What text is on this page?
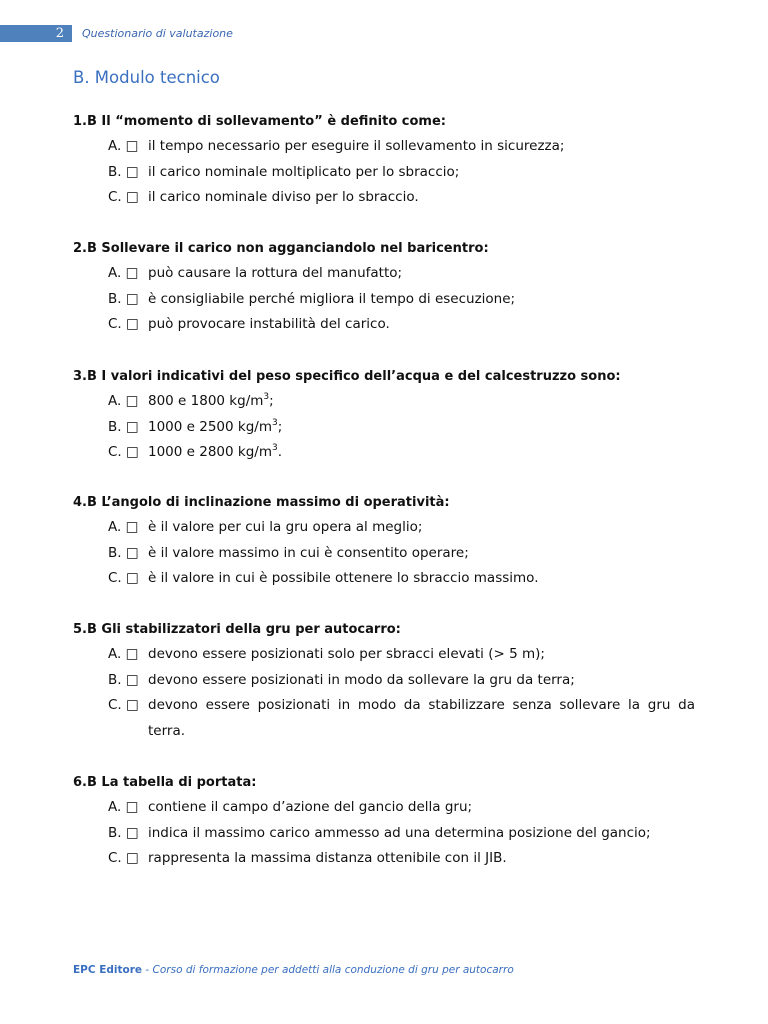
2 Questionario di valutazione
B. Modulo tecnico
1.B Il “momento di sollevamento” è definito come:
A. □ il tempo necessario per eseguire il sollevamento in sicurezza;
B. □ il carico nominale moltiplicato per lo sbraccio;
C. □ il carico nominale diviso per lo sbraccio.
2.B Sollevare il carico non agganciandolo nel baricentro:
A. □ può causare la rottura del manufatto;
B. □ è consigliabile perché migliora il tempo di esecuzione;
C. □ può provocare instabilità del carico.
3.B I valori indicativi del peso specifico dell’acqua e del calcestruzzo sono:
A. □ 800 e 1800 $kg/m^3$;
B. □ 1000 e 2500 $kg/m^3$;
C. □ 1000 e 2800 $kg/m^3$.
4.B L’angolo di inclinazione massimo di operatività:
A. □ è il valore per cui la gru opera al meglio;
B. □ è il valore massimo in cui è consentito operare;
C. □ è il valore in cui è possibile ottenere lo sbraccio massimo.
5.B Gli stabilizzatori della gru per autocarro:
A. □ devono essere posizionati solo per sbracci elevati (> 5 m);
B. □ devono essere posizionati in modo da sollevare la gru da terra;
C. □ devono essere posizionati in modo da stabilizzare senza sollevare la gru da terra.
6.B La tabella di portata:
A. □ contiene il campo d’azione del gancio della gru;
B. □ indica il massimo carico ammesso ad una determina posizione del gancio;
C. □ rappresenta la massima distanza ottenibile con il JIB.
EPC Editore - Corso di formazione per addetti alla conduzione di gru per autocarro
